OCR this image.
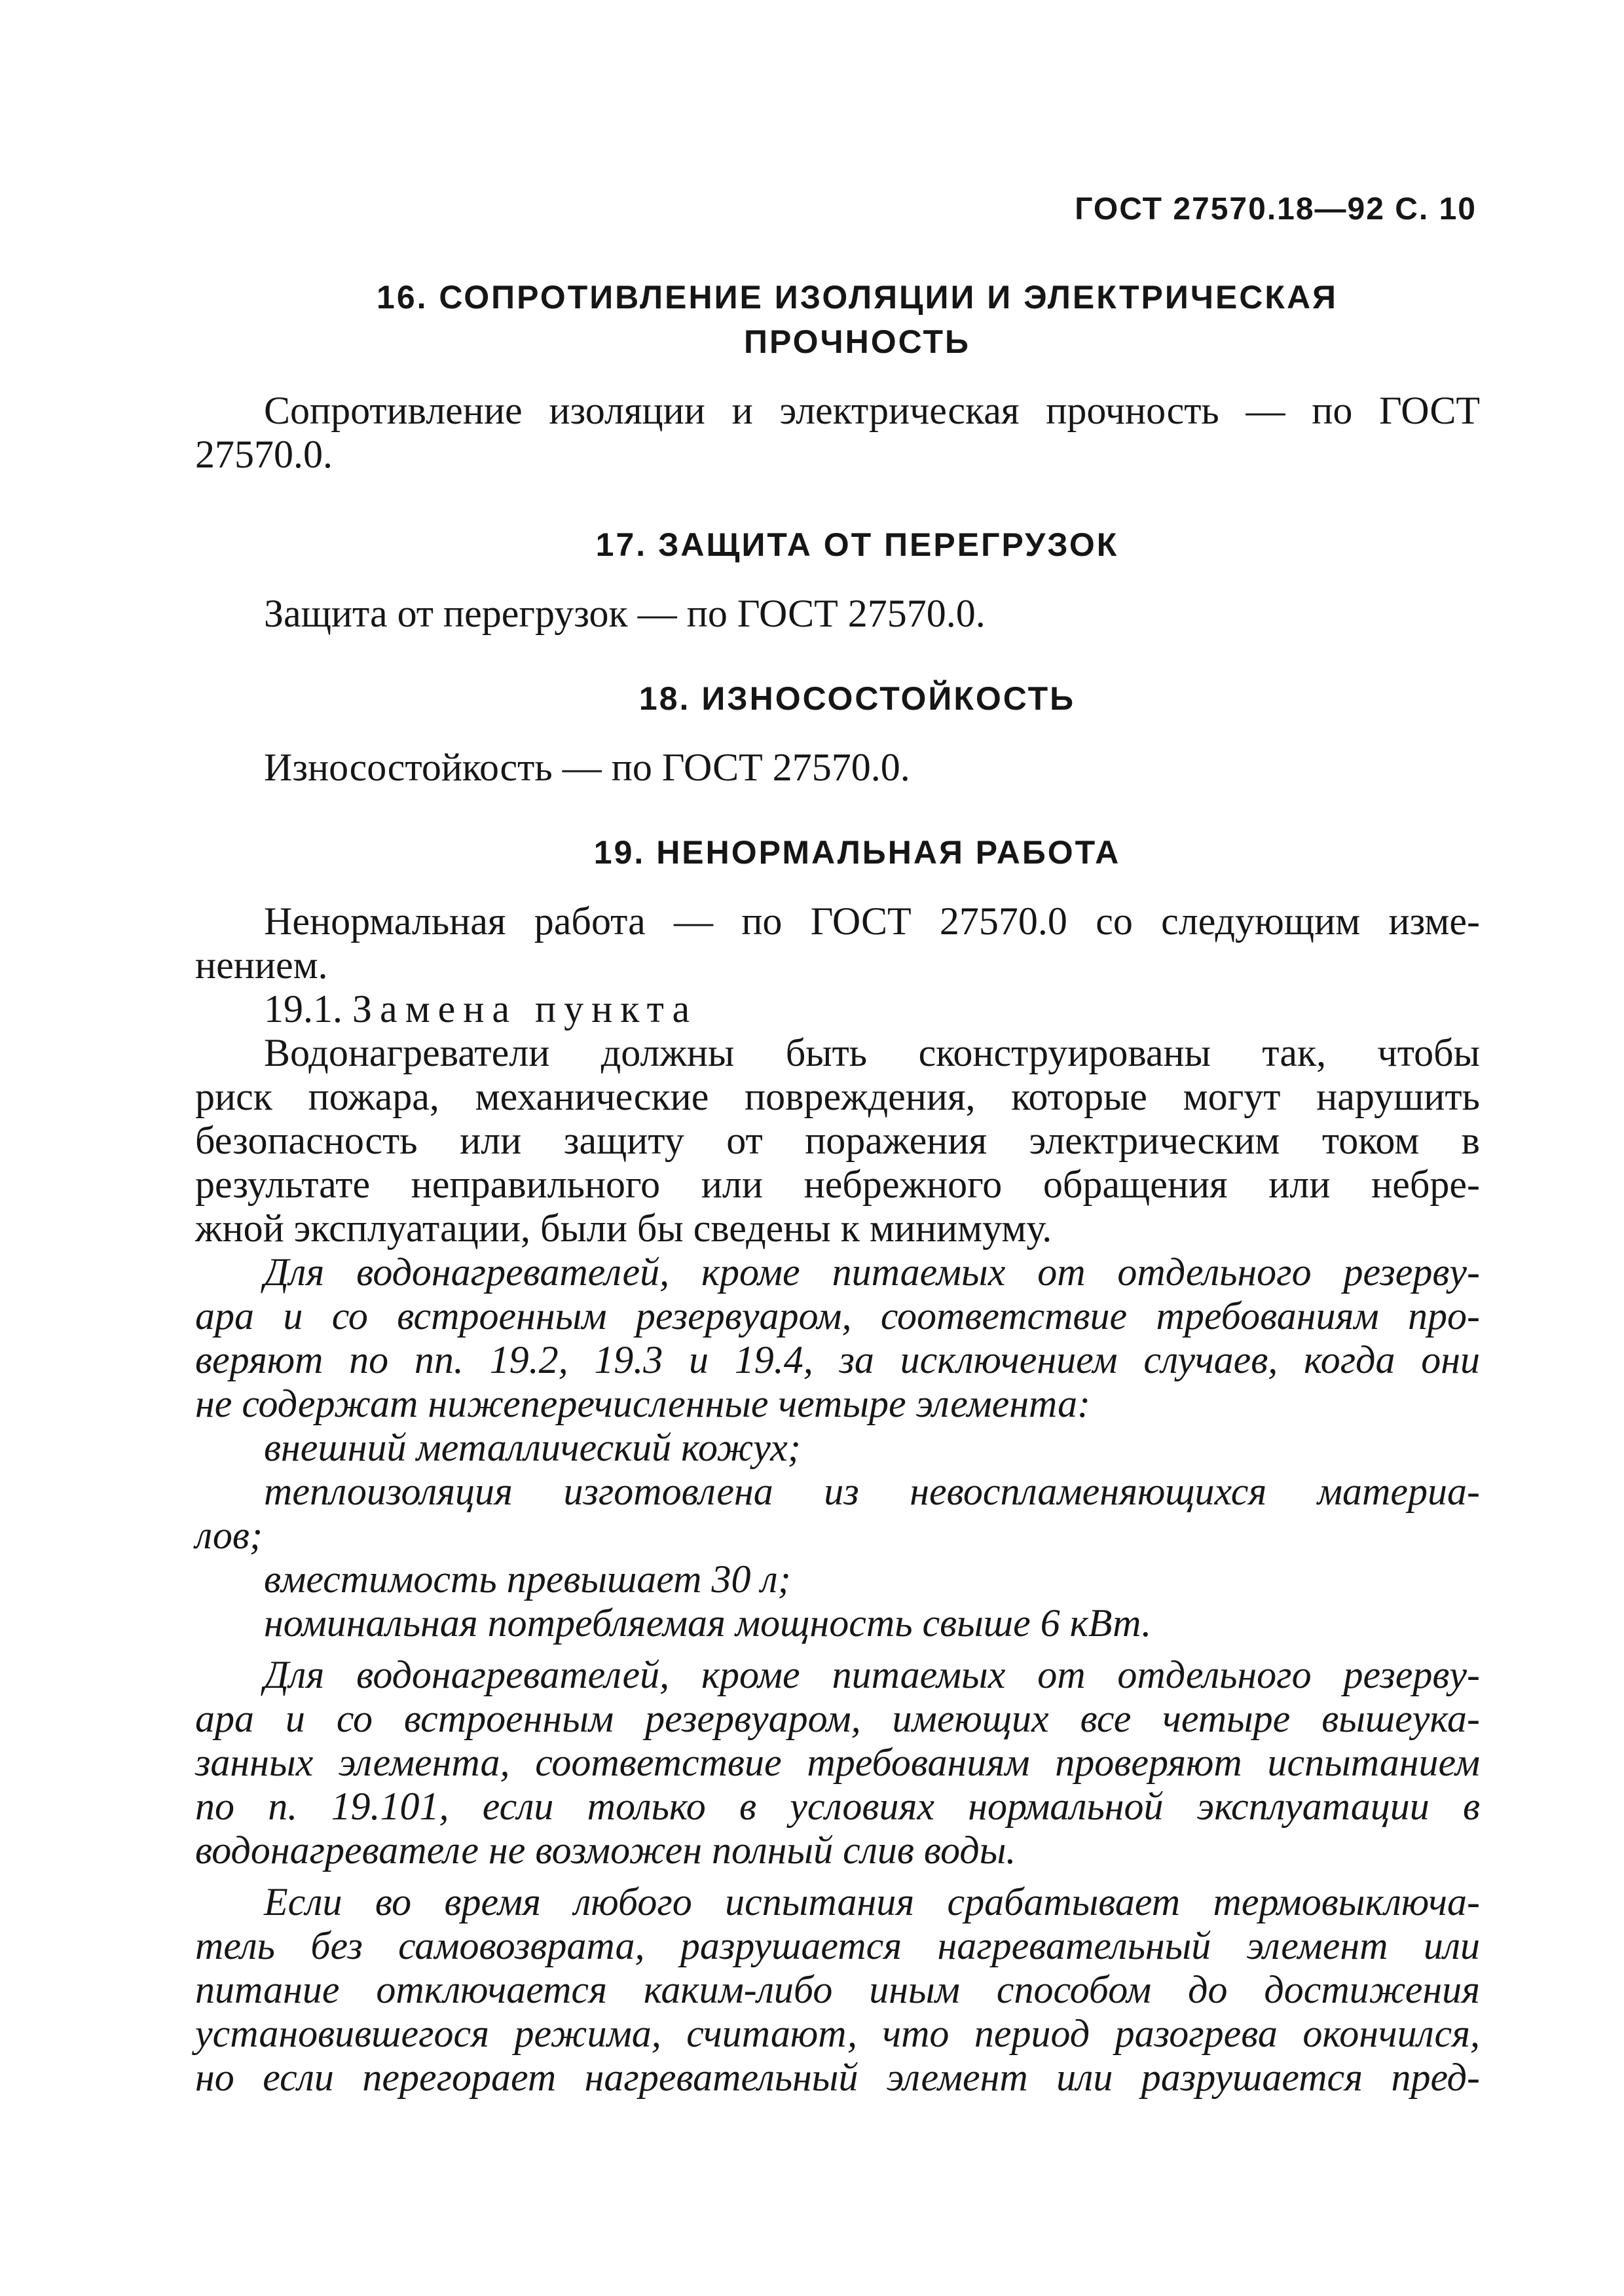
ГОСТ 27570.18—92 С. 10
16. СОПРОТИВЛЕНИЕ ИЗОЛЯЦИИ И ЭЛЕКТРИЧЕСКАЯ
ПРОЧНОСТЬ
Сопротивление изоляции и электрическая прочность — по ГОСТ
27570.0.
17. ЗАЩИТА ОТ ПЕРЕГРУЗОК
Защита от перегрузок — по ГОСТ 27570.0.
18. ИЗНОСОСТОЙКОСТЬ
Износостойкость — по ГОСТ 27570.0.
19. НЕНОРМАЛЬНАЯ РАБОТА
Ненормальная работа — по ГОСТ 27570.0 со следующим изме-
нением.
19.1. Замена пункта
Водонагреватели должны быть сконструированы так, чтобы
риск пожара, механические повреждения, которые могут нарушить
безопасность или защиту от поражения электрическим током в
результате неправильного или небрежного обращения или небре-
жной эксплуатации, были бы сведены к минимуму.
Для водонагревателей, кроме питаемых от отдельного резерву-
ара и со встроенным резервуаром, соответствие требованиям про-
веряют по пп. 19.2, 19.3 и 19.4, за исключением случаев, когда они
не содержат нижеперечисленные четыре элемента:
внешний металлический кожух;
теплоизоляция изготовлена из невоспламеняющихся материа-
лов;
вместимость превышает 30 л;
номинальная потребляемая мощность свыше 6 кВт.
Для водонагревателей, кроме питаемых от отдельного резерву-
ара и со встроенным резервуаром, имеющих все четыре вышеука-
занных элемента, соответствие требованиям проверяют испытанием
по п. 19.101, если только в условиях нормальной эксплуатации в
водонагревателе не возможен полный слив воды.
Если во время любого испытания срабатывает термовыключа-
тель без самовозврата, разрушается нагревательный элемент или
питание отключается каким-либо иным способом до достижения
установившегося режима, считают, что период разогрева окончился,
но если перегорает нагревательный элемент или разрушается пред-
